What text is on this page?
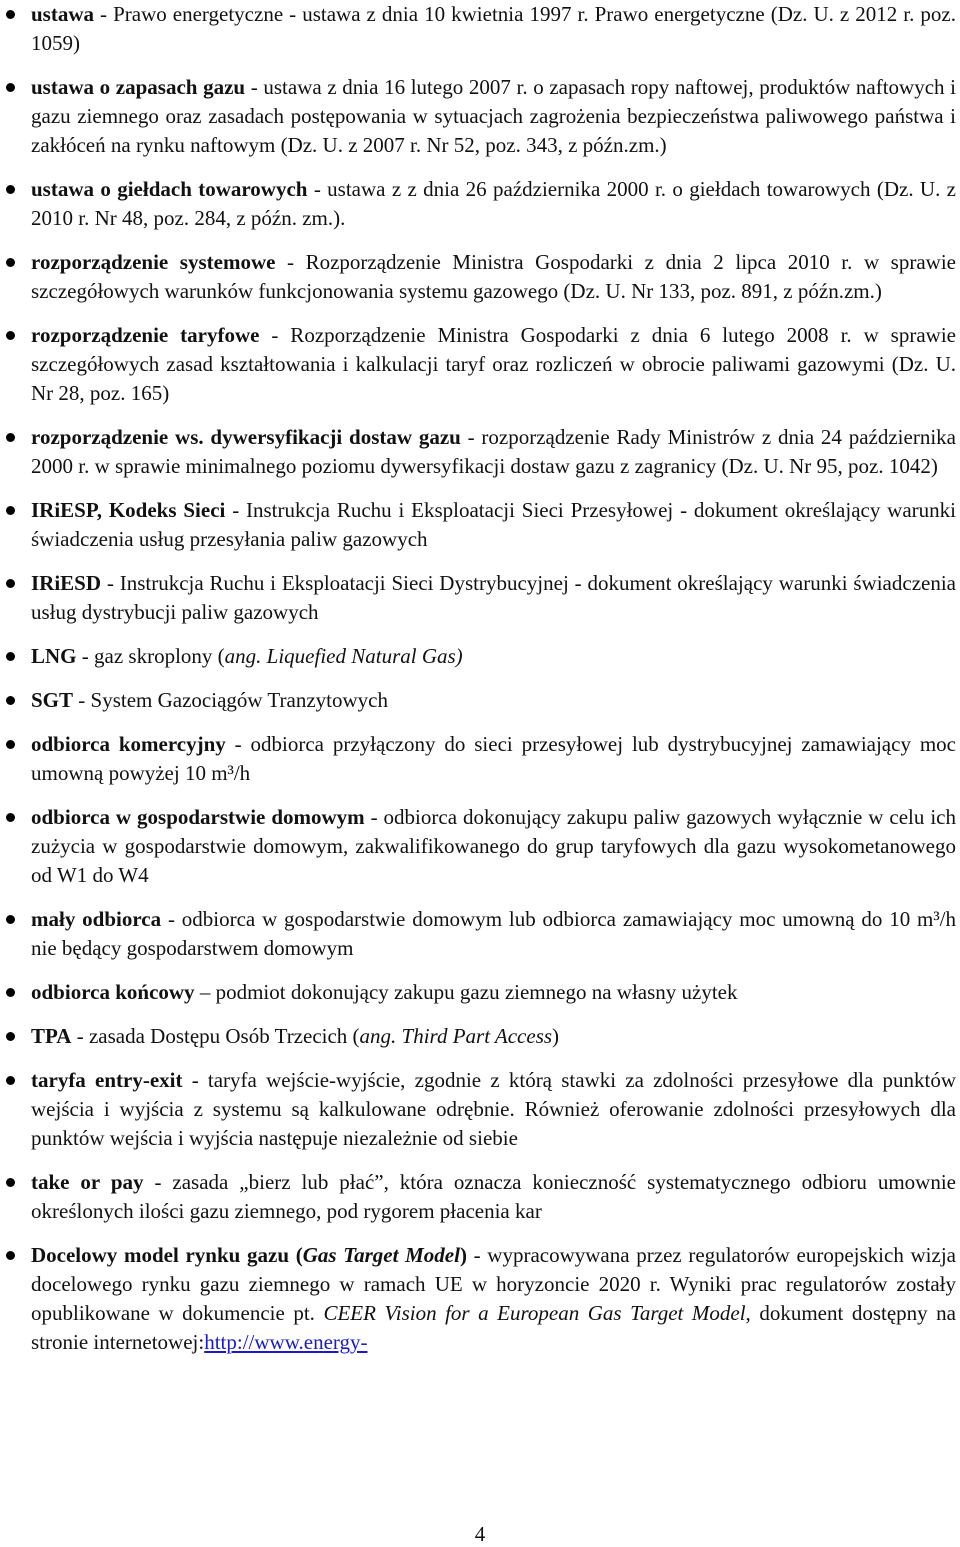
ustawa - Prawo energetyczne - ustawa z dnia 10 kwietnia 1997 r. Prawo energetyczne (Dz. U. z 2012 r. poz. 1059)
ustawa o zapasach gazu - ustawa z dnia 16 lutego 2007 r. o zapasach ropy naftowej, produktów naftowych i gazu ziemnego oraz zasadach postępowania w sytuacjach zagrożenia bezpieczeństwa paliwowego państwa i zakłóceń na rynku naftowym (Dz. U. z 2007 r. Nr 52, poz. 343, z późn.zm.)
ustawa o giełdach towarowych - ustawa z z dnia 26 października 2000 r. o giełdach towarowych (Dz. U. z 2010 r. Nr 48, poz. 284, z późn. zm.).
rozporządzenie systemowe - Rozporządzenie Ministra Gospodarki z dnia 2 lipca 2010 r. w sprawie szczegółowych warunków funkcjonowania systemu gazowego (Dz. U. Nr 133, poz. 891, z późn.zm.)
rozporządzenie taryfowe - Rozporządzenie Ministra Gospodarki z dnia 6 lutego 2008 r. w sprawie szczegółowych zasad kształtowania i kalkulacji taryf oraz rozliczeń w obrocie paliwami gazowymi (Dz. U. Nr 28, poz. 165)
rozporządzenie ws. dywersyfikacji dostaw gazu - rozporządzenie Rady Ministrów z dnia 24 października 2000 r. w sprawie minimalnego poziomu dywersyfikacji dostaw gazu z zagranicy (Dz. U. Nr 95, poz. 1042)
IRiESP, Kodeks Sieci - Instrukcja Ruchu i Eksploatacji Sieci Przesyłowej - dokument określający warunki świadczenia usług przesyłania paliw gazowych
IRiESD - Instrukcja Ruchu i Eksploatacji Sieci Dystrybucyjnej - dokument określający warunki świadczenia usług dystrybucji paliw gazowych
LNG - gaz skroplony (ang. Liquefied Natural Gas)
SGT - System Gazociągów Tranzytowych
odbiorca komercyjny - odbiorca przyłączony do sieci przesyłowej lub dystrybucyjnej zamawiający moc umowną powyżej 10 m³/h
odbiorca w gospodarstwie domowym - odbiorca dokonujący zakupu paliw gazowych wyłącznie w celu ich zużycia w gospodarstwie domowym, zakwalifikowanego do grup taryfowych dla gazu wysokometanowego od W1 do W4
mały odbiorca - odbiorca w gospodarstwie domowym lub odbiorca zamawiający moc umowną do 10 m³/h nie będący gospodarstwem domowym
odbiorca końcowy – podmiot dokonujący zakupu gazu ziemnego na własny użytek
TPA - zasada Dostępu Osób Trzecich (ang. Third Part Access)
taryfa entry-exit - taryfa wejście-wyjście, zgodnie z którą stawki za zdolności przesyłowe dla punktów wejścia i wyjścia z systemu są kalkulowane odrębnie. Również oferowanie zdolności przesyłowych dla punktów wejścia i wyjścia następuje niezależnie od siebie
take or pay - zasada „bierz lub płać”, która oznacza konieczność systematycznego odbioru umownie określonych ilości gazu ziemnego, pod rygorem płacenia kar
Docelowy model rynku gazu (Gas Target Model) - wypracowywana przez regulatorów europejskich wizja docelowego rynku gazu ziemnego w ramach UE w horyzoncie 2020 r. Wyniki prac regulatorów zostały opublikowane w dokumencie pt. CEER Vision for a European Gas Target Model, dokument dostępny na stronie internetowej:http://www.energy-
4
